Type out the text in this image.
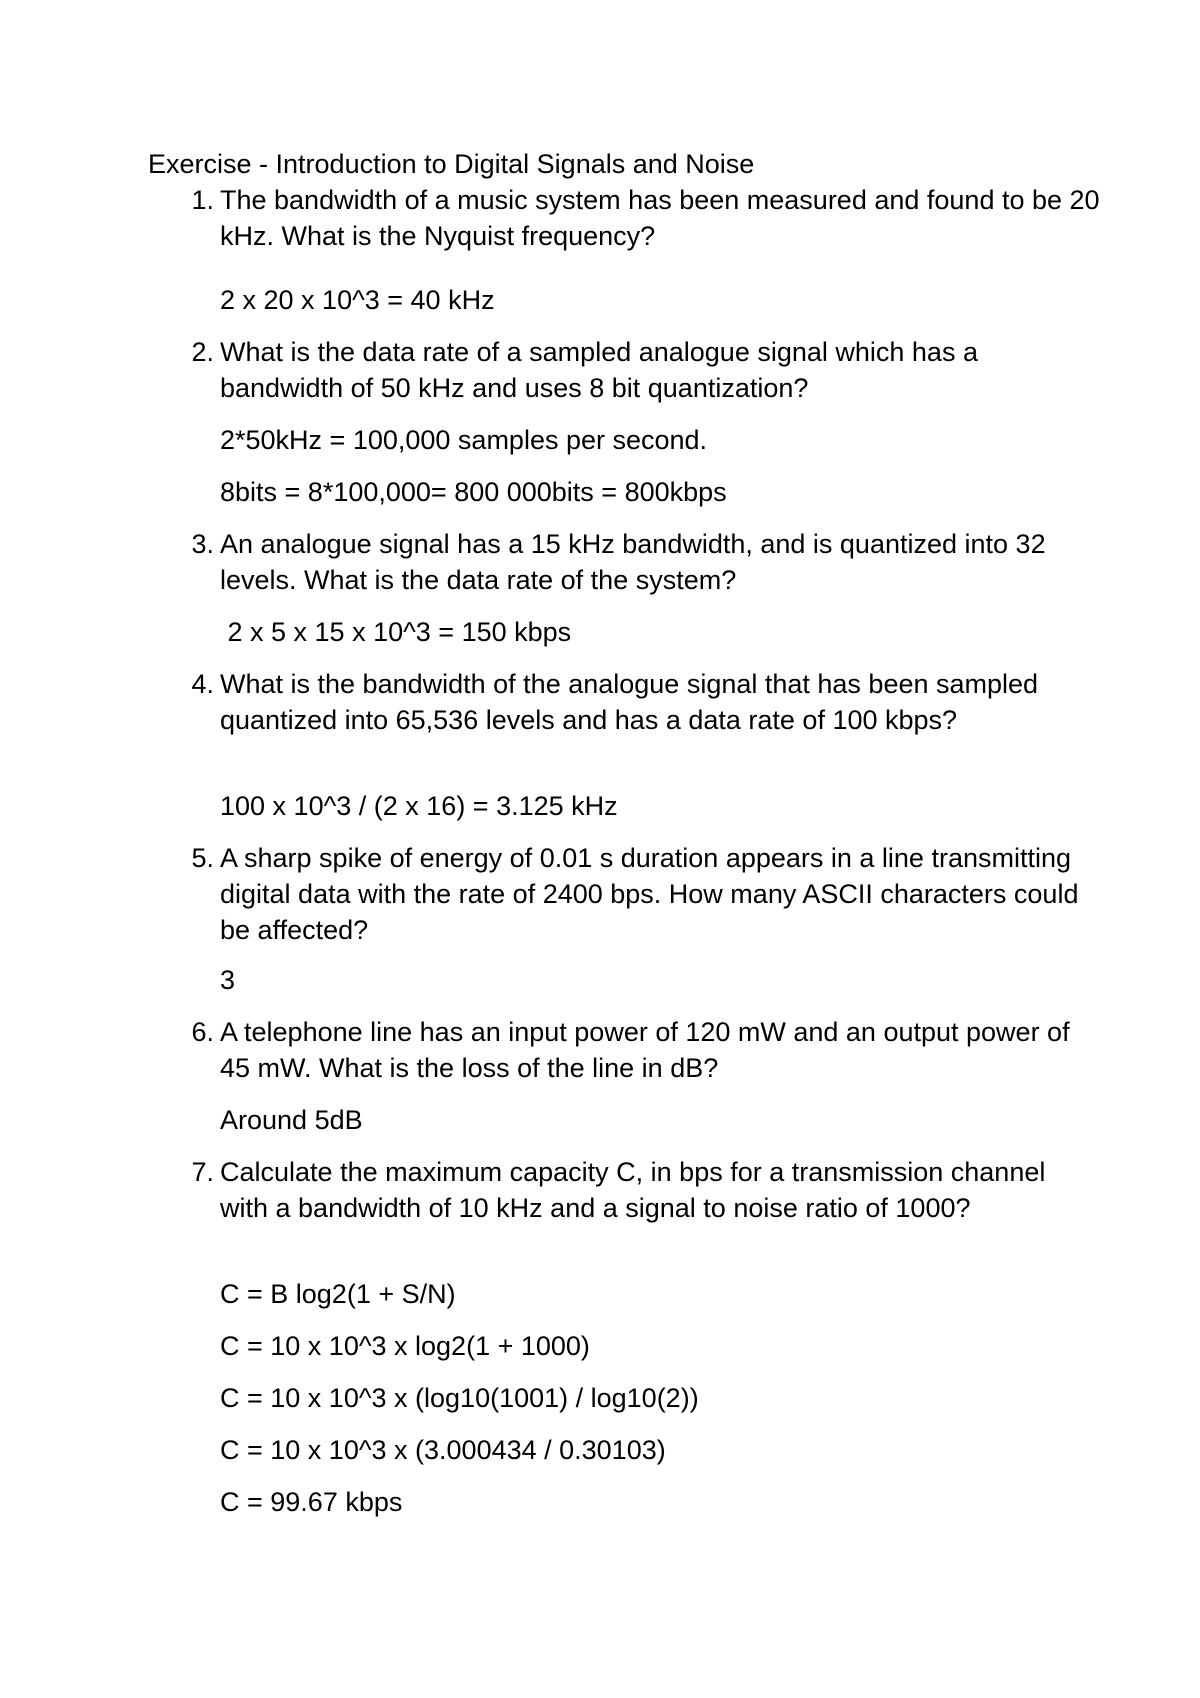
Exercise - Introduction to Digital Signals and Noise
1. The bandwidth of a music system has been measured and found to be 20 kHz. What is the Nyquist frequency?

2 x 20 x 10^3 = 40 kHz

2. What is the data rate of a sampled analogue signal which has a bandwidth of 50 kHz and uses 8 bit quantization?

2*50kHz = 100,000 samples per second.

8bits = 8*100,000= 800 000bits = 800kbps

3. An analogue signal has a 15 kHz bandwidth, and is quantized into 32 levels. What is the data rate of the system?

2 x 5 x 15 x 10^3 = 150 kbps

4. What is the bandwidth of the analogue signal that has been sampled quantized into 65,536 levels and has a data rate of 100 kbps?

100 x 10^3 / (2 x 16) = 3.125 kHz

5. A sharp spike of energy of 0.01 s duration appears in a line transmitting digital data with the rate of 2400 bps. How many ASCII characters could be affected?

3

6. A telephone line has an input power of 120 mW and an output power of 45 mW. What is the loss of the line in dB?

Around 5dB

7. Calculate the maximum capacity C, in bps for a transmission channel with a bandwidth of 10 kHz and a signal to noise ratio of 1000?

C = B log2(1 + S/N)

C = 10 x 10^3 x log2(1 + 1000)

C = 10 x 10^3 x (log10(1001) / log10(2))

C = 10 x 10^3 x (3.000434 / 0.30103)

C = 99.67 kbps
